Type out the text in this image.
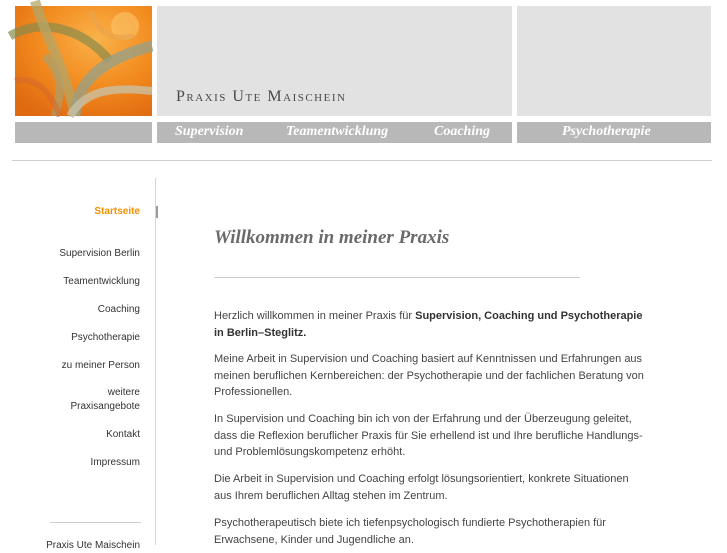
Praxis Ute Maischein
Supervision	Teamentwicklung	Coaching	Psychotherapie
Startseite
Supervision Berlin
Teamentwicklung
Coaching
Psychotherapie
zu meiner Person
weitere
Praxisangebote
Kontakt
Impressum
Praxis Ute Maischein
Willkommen in meiner Praxis
Herzlich willkommen in meiner Praxis für Supervision, Coaching und Psychotherapie in Berlin–Steglitz.
Meine Arbeit in Supervision und Coaching basiert auf Kenntnissen und Erfahrungen aus meinen beruflichen Kernbereichen: der Psychotherapie und der fachlichen Beratung von Professionellen.
In Supervision und Coaching bin ich von der Erfahrung und der Überzeugung geleitet, dass die Reflexion beruflicher Praxis für Sie erhellend ist und Ihre berufliche Handlungs- und Problemlösungskompetenz erhöht.
Die Arbeit in Supervision und Coaching erfolgt lösungsorientiert, konkrete Situationen aus Ihrem beruflichen Alltag stehen im Zentrum.
Psychotherapeutisch biete ich tiefenpsychologisch fundierte Psychotherapien für Erwachsene, Kinder und Jugendliche an.
